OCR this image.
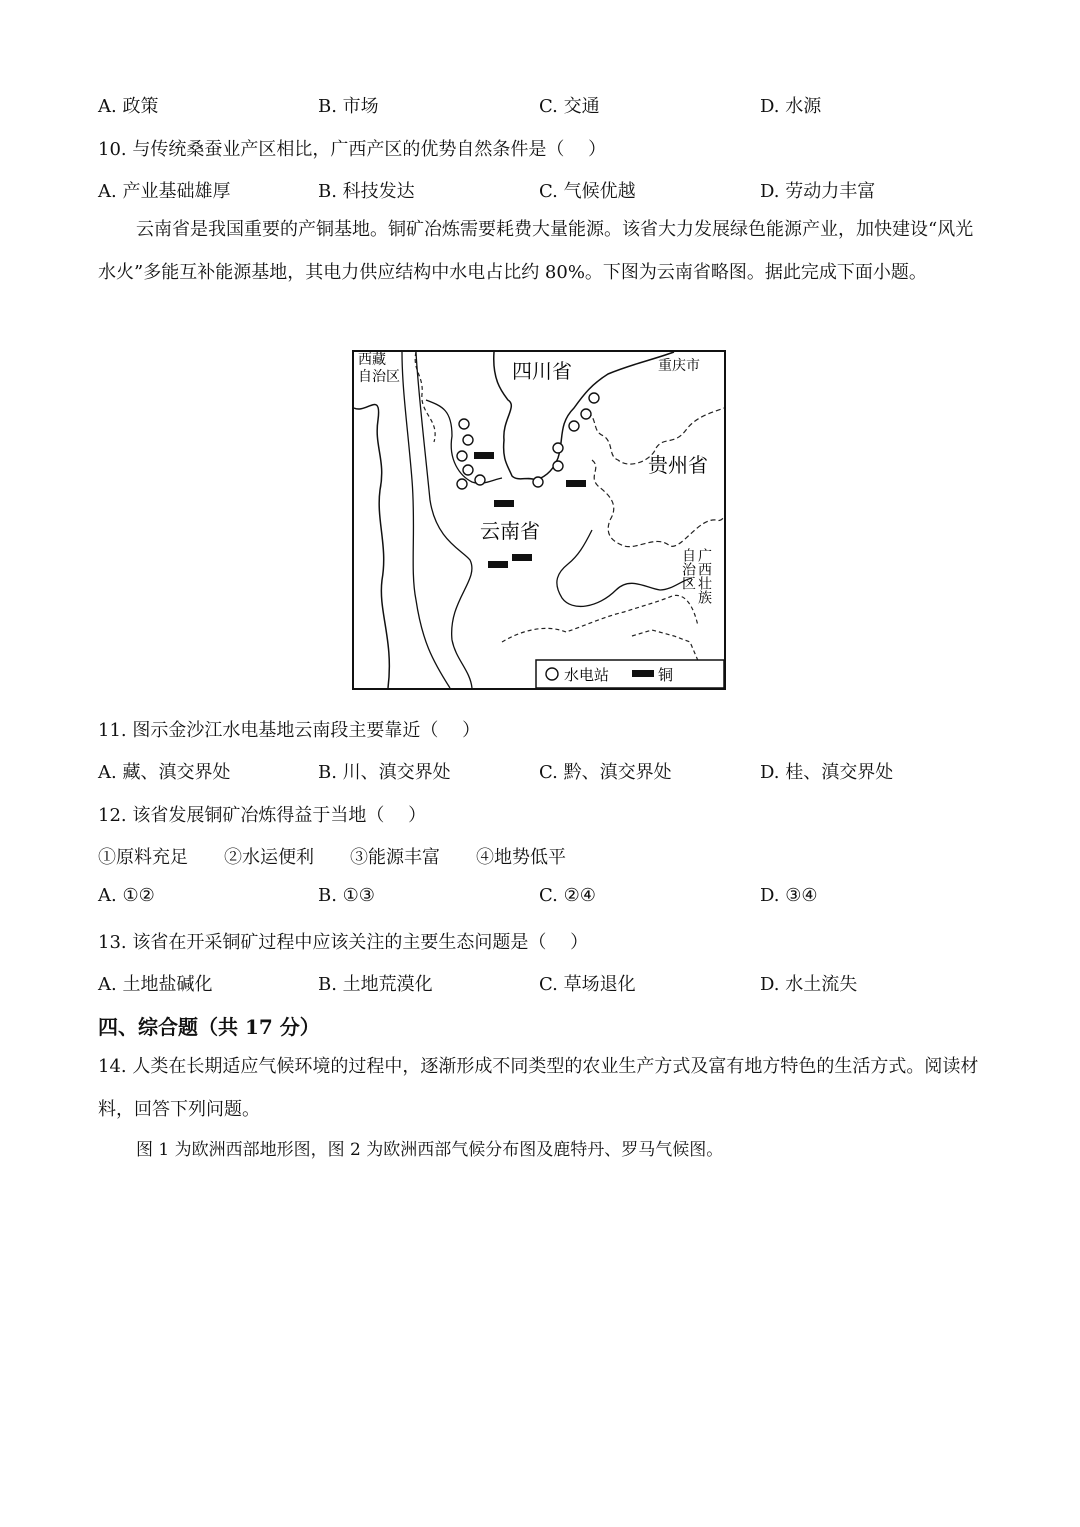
A. 政策	B. 市场	C. 交通	D. 水源
10. 与传统桑蚕业产区相比，广西产区的优势自然条件是（　 ）
A. 产业基础雄厚	B. 科技发达	C. 气候优越	D. 劳动力丰富
云南省是我国重要的产铜基地。铜矿冶炼需要耗费大量能源。该省大力发展绿色能源产业，加快建设“风光水火”多能互补能源基地，其电力供应结构中水电占比约 80%。下图为云南省略图。据此完成下面小题。
西藏
自治区	四川省	重庆市
贵州省
云南省
广西壮族
自治区
水电站	铜
11. 图示金沙江水电基地云南段主要靠近（　 ）
A. 藏、滇交界处	B. 川、滇交界处	C. 黔、滇交界处	D. 桂、滇交界处
12. 该省发展铜矿冶炼得益于当地（　 ）
①原料充足　　②水运便利　　③能源丰富　　④地势低平
A. ①②	B. ①③	C. ②④	D. ③④
13. 该省在开采铜矿过程中应该关注的主要生态问题是（　 ）
A. 土地盐碱化	B. 土地荒漠化	C. 草场退化	D. 水土流失
四、综合题（共 17 分）
14. 人类在长期适应气候环境的过程中，逐渐形成不同类型的农业生产方式及富有地方特色的生活方式。阅读材料，回答下列问题。
图 1 为欧洲西部地形图，图 2 为欧洲西部气候分布图及鹿特丹、罗马气候图。
